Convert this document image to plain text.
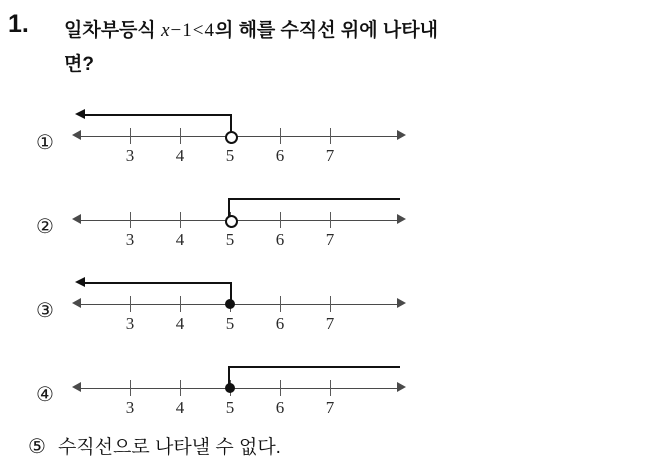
1. 일차부등식 x−1<4의 해를 수직선 위에 나타내
면?
①
3	4	5	6	7
②
3	4	5	6	7
③
3	4	5	6	7
④
3	4	5	6	7
⑤ 수직선으로 나타낼 수 없다.
